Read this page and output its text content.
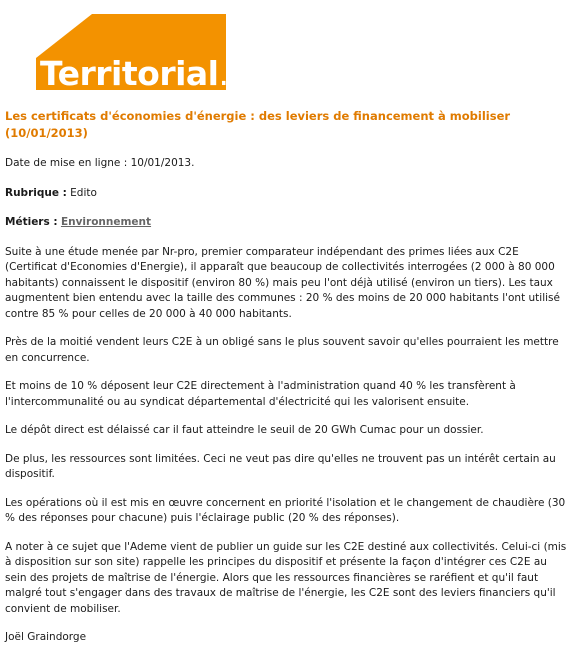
Territorial.fr
Les certificats d'économies d'énergie : des leviers de financement à mobiliser (10/01/2013)

Date de mise en ligne : 10/01/2013.

Rubrique : Edito

Métiers : Environnement

Suite à une étude menée par Nr-pro, premier comparateur indépendant des primes liées aux C2E (Certificat d'Economies d'Energie), il apparaît que beaucoup de collectivités interrogées (2 000 à 80 000 habitants) connaissent le dispositif (environ 80 %) mais peu l'ont déjà utilisé (environ un tiers). Les taux augmentent bien entendu avec la taille des communes : 20 % des moins de 20 000 habitants l'ont utilisé contre 85 % pour celles de 20 000 à 40 000 habitants.

Près de la moitié vendent leurs C2E à un obligé sans le plus souvent savoir qu'elles pourraient les mettre en concurrence.

Et moins de 10 % déposent leur C2E directement à l'administration quand 40 % les transfèrent à l'intercommunalité ou au syndicat départemental d'électricité qui les valorisent ensuite.

Le dépôt direct est délaissé car il faut atteindre le seuil de 20 GWh Cumac pour un dossier.

De plus, les ressources sont limitées. Ceci ne veut pas dire qu'elles ne trouvent pas un intérêt certain au dispositif.

Les opérations où il est mis en œuvre concernent en priorité l'isolation et le changement de chaudière (30 % des réponses pour chacune) puis l'éclairage public (20 % des réponses).

A noter à ce sujet que l'Ademe vient de publier un guide sur les C2E destiné aux collectivités. Celui-ci (mis à disposition sur son site) rappelle les principes du dispositif et présente la façon d'intégrer ces C2E au sein des projets de maîtrise de l'énergie. Alors que les ressources financières se raréfient et qu'il faut malgré tout s'engager dans des travaux de maîtrise de l'énergie, les C2E sont des leviers financiers qu'il convient de mobiliser.

Joël Graindorge
